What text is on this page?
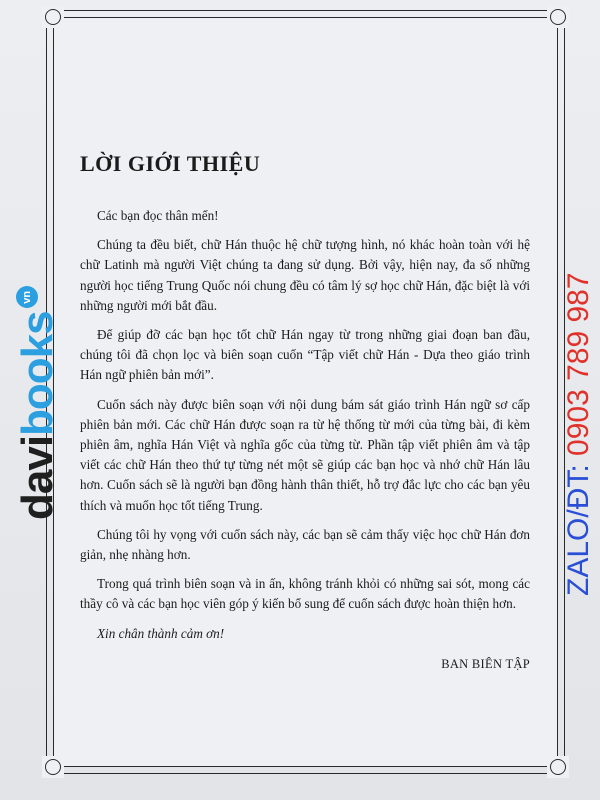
LỜI GIỚI THIỆU

Các bạn đọc thân mến!

Chúng ta đều biết, chữ Hán thuộc hệ chữ tượng hình, nó khác hoàn toàn với hệ chữ Latinh mà người Việt chúng ta đang sử dụng. Bởi vậy, hiện nay, đa số những người học tiếng Trung Quốc nói chung đều có tâm lý sợ học chữ Hán, đặc biệt là với những người mới bắt đầu.

Để giúp đỡ các bạn học tốt chữ Hán ngay từ trong những giai đoạn ban đầu, chúng tôi đã chọn lọc và biên soạn cuốn “Tập viết chữ Hán - Dựa theo giáo trình Hán ngữ phiên bản mới”.

Cuốn sách này được biên soạn với nội dung bám sát giáo trình Hán ngữ sơ cấp phiên bản mới. Các chữ Hán được soạn ra từ hệ thống từ mới của từng bài, đi kèm phiên âm, nghĩa Hán Việt và nghĩa gốc của từng từ. Phần tập viết phiên âm và tập viết các chữ Hán theo thứ tự từng nét một sẽ giúp các bạn học và nhớ chữ Hán lâu hơn. Cuốn sách sẽ là người bạn đồng hành thân thiết, hỗ trợ đắc lực cho các bạn yêu thích và muốn học tốt tiếng Trung.

Chúng tôi hy vọng với cuốn sách này, các bạn sẽ cảm thấy việc học chữ Hán đơn giản, nhẹ nhàng hơn.

Trong quá trình biên soạn và in ấn, không tránh khỏi có những sai sót, mong các thầy cô và các bạn học viên góp ý kiến bổ sung để cuốn sách được hoàn thiện hơn.

Xin chân thành cảm ơn!

BAN BIÊN TẬP
davibooksvn
ZALO/ĐT: 0903 789 987
